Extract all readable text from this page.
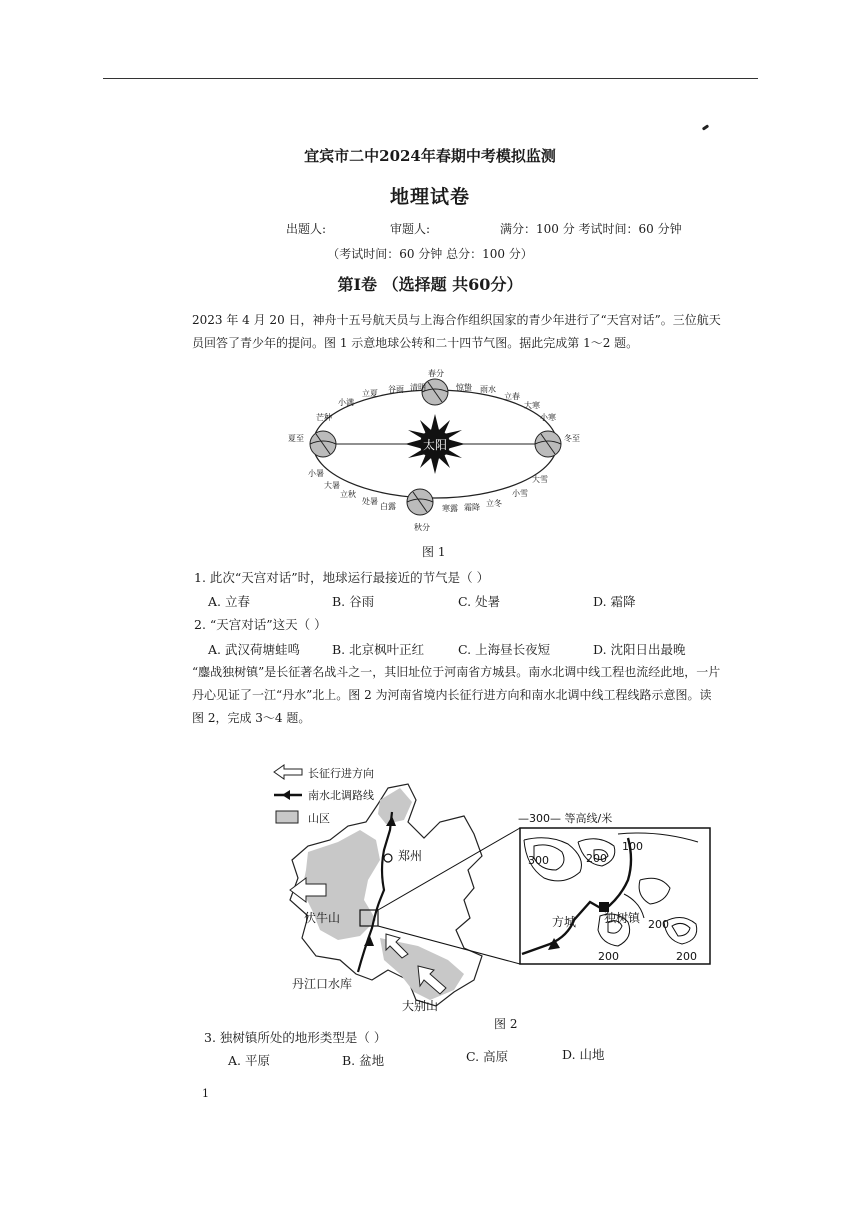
宜宾市二中2024年春期中考模拟监测
地理试卷
出题人:	审题人:	满分：100 分 考试时间：60 分钟
（考试时间：60 分钟 总分：100 分）
第Ⅰ卷 （选择题 共60分）
2023 年 4 月 20 日，神舟十五号航天员与上海合作组织国家的青少年进行了“天宫对话”。三位航天员回答了青少年的提问。图 1 示意地球公转和二十四节气图。据此完成第 1～2 题。
太阳
春分
清明
谷雨
立夏
小满
芒种
夏至
小暑
大暑
立秋
处暑
白露
秋分
寒露 霜降 立冬
小雪
大雪
冬至
小寒
大寒
立春
雨水
惊蛰
图 1
1. 此次“天宫对话”时，地球运行最接近的节气是（ ）
A. 立春	B. 谷雨	C. 处暑	D. 霜降
2. “天宫对话”这天（ ）
A. 武汉荷塘蛙鸣	B. 北京枫叶正红	C. 上海昼长夜短	D. 沈阳日出最晚
“鏖战独树镇”是长征著名战斗之一，其旧址位于河南省方城县。南水北调中线工程也流经此地，一片丹心见证了一江“丹水”北上。图 2 为河南省境内长征行进方向和南水北调中线工程线路示意图。读图 2，完成 3～4 题。
长征行进方向
南水北调路线
山区
郑州
伏牛山
丹江口水库
大别山
—300— 等高线/米
方城 独树镇
300	200
100
200
200	200
图 2
3. 独树镇所处的地形类型是（ ）
A. 平原	B. 盆地	C. 高原	D. 山地
1
